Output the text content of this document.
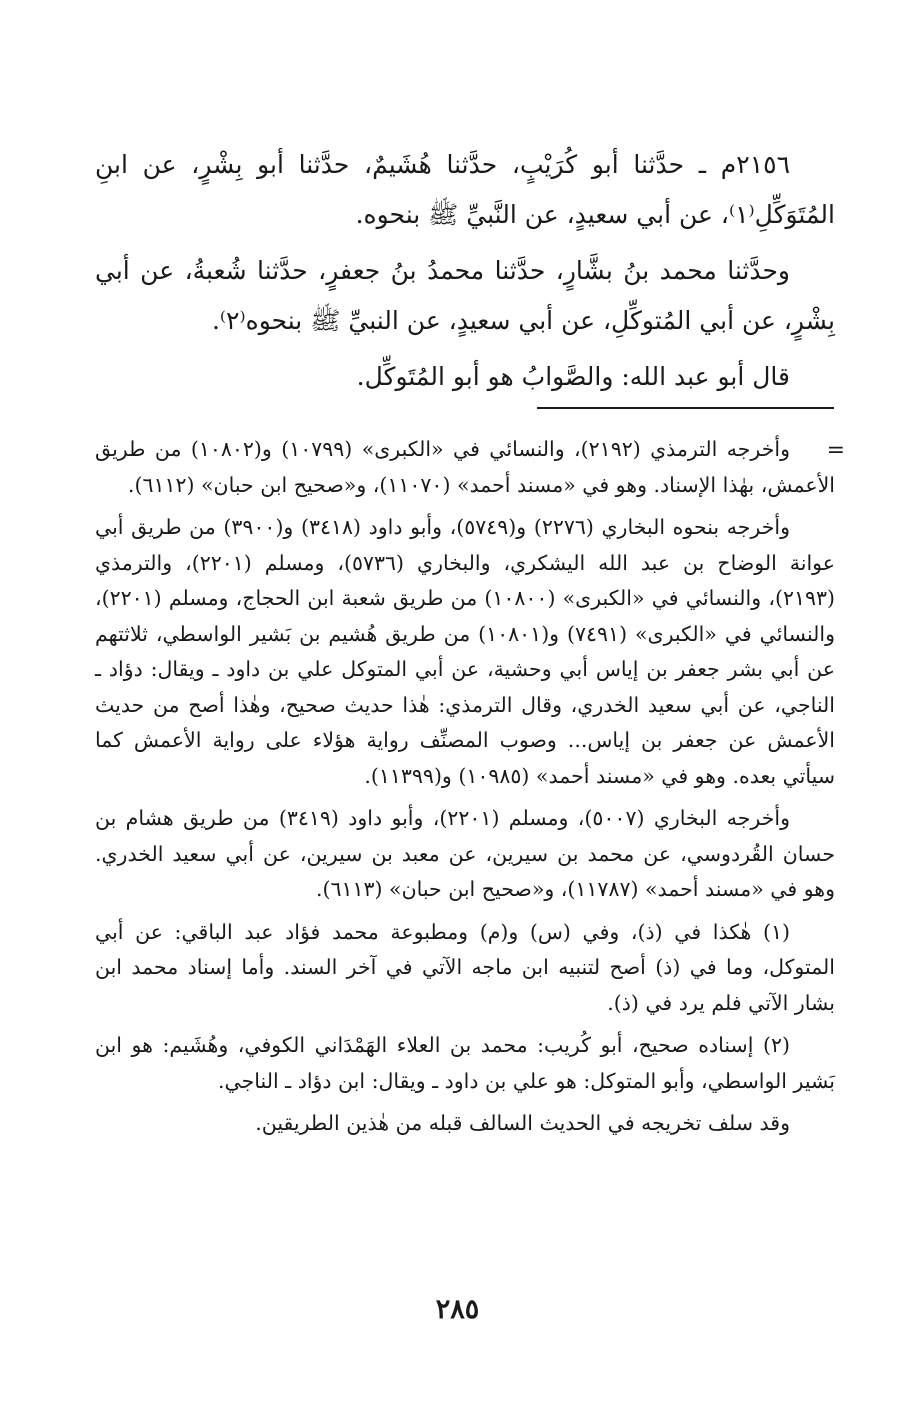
٢١٥٦م ـ حدَّثنا أبو كُرَيْبٍ، حدَّثنا هُشَيمٌ، حدَّثنا أبو بِشْرٍ، عن ابنِ المُتَوَكِّلِ⁽١⁾، عن أبي سعيدٍ، عن النَّبيِّ ﷺ بنحوه.

وحدَّثنا محمد بنُ بشَّارٍ، حدَّثنا محمدُ بنُ جعفرٍ، حدَّثنا شُعبةُ، عن أبي بِشْرٍ، عن أبي المُتوكِّلِ، عن أبي سعيدٍ، عن النبيِّ ﷺ بنحوه⁽٢⁾.

قال أبو عبد الله: والصَّوابُ هو أبو المُتَوكِّل.

=

وأخرجه الترمذي (٢١٩٢)، والنسائي في «الكبرى» (١٠٧٩٩) و(١٠٨٠٢) من طريق الأعمش، بهٰذا الإسناد. وهو في «مسند أحمد» (١١٠٧٠)، و«صحيح ابن حبان» (٦١١٢).

وأخرجه بنحوه البخاري (٢٢٧٦) و(٥٧٤٩)، وأبو داود (٣٤١٨) و(٣٩٠٠) من طريق أبي عوانة الوضاح بن عبد الله اليشكري، والبخاري (٥٧٣٦)، ومسلم (٢٢٠١)، والترمذي (٢١٩٣)، والنسائي في «الكبرى» (١٠٨٠٠) من طريق شعبة ابن الحجاج، ومسلم (٢٢٠١)، والنسائي في «الكبرى» (٧٤٩١) و(١٠٨٠١) من طريق هُشيم بن بَشير الواسطي، ثلاثتهم عن أبي بشر جعفر بن إياس أبي وحشية، عن أبي المتوكل علي بن داود ـ ويقال: دؤاد ـ الناجي، عن أبي سعيد الخدري، وقال الترمذي: هٰذا حديث صحيح، وهٰذا أصح من حديث الأعمش عن جعفر بن إياس... وصوب المصنِّف رواية هؤلاء على رواية الأعمش كما سيأتي بعده. وهو في «مسند أحمد» (١٠٩٨٥) و(١١٣٩٩).

وأخرجه البخاري (٥٠٠٧)، ومسلم (٢٢٠١)، وأبو داود (٣٤١٩) من طريق هشام بن حسان القُردوسي، عن محمد بن سيرين، عن معبد بن سيرين، عن أبي سعيد الخدري. وهو في «مسند أحمد» (١١٧٨٧)، و«صحيح ابن حبان» (٦١١٣).

(١) هٰكذا في (ذ)، وفي (س) و(م) ومطبوعة محمد فؤاد عبد الباقي: عن أبي المتوكل، وما في (ذ) أصح لتنبيه ابن ماجه الآتي في آخر السند. وأما إسناد محمد ابن بشار الآتي فلم يرد في (ذ).

(٢) إسناده صحيح، أبو كُريب: محمد بن العلاء الهَمْدَاني الكوفي، وهُشَيم: هو ابن بَشير الواسطي، وأبو المتوكل: هو علي بن داود ـ ويقال: ابن دؤاد ـ الناجي.

وقد سلف تخريجه في الحديث السالف قبله من هٰذين الطريقين.

٢٨٥
